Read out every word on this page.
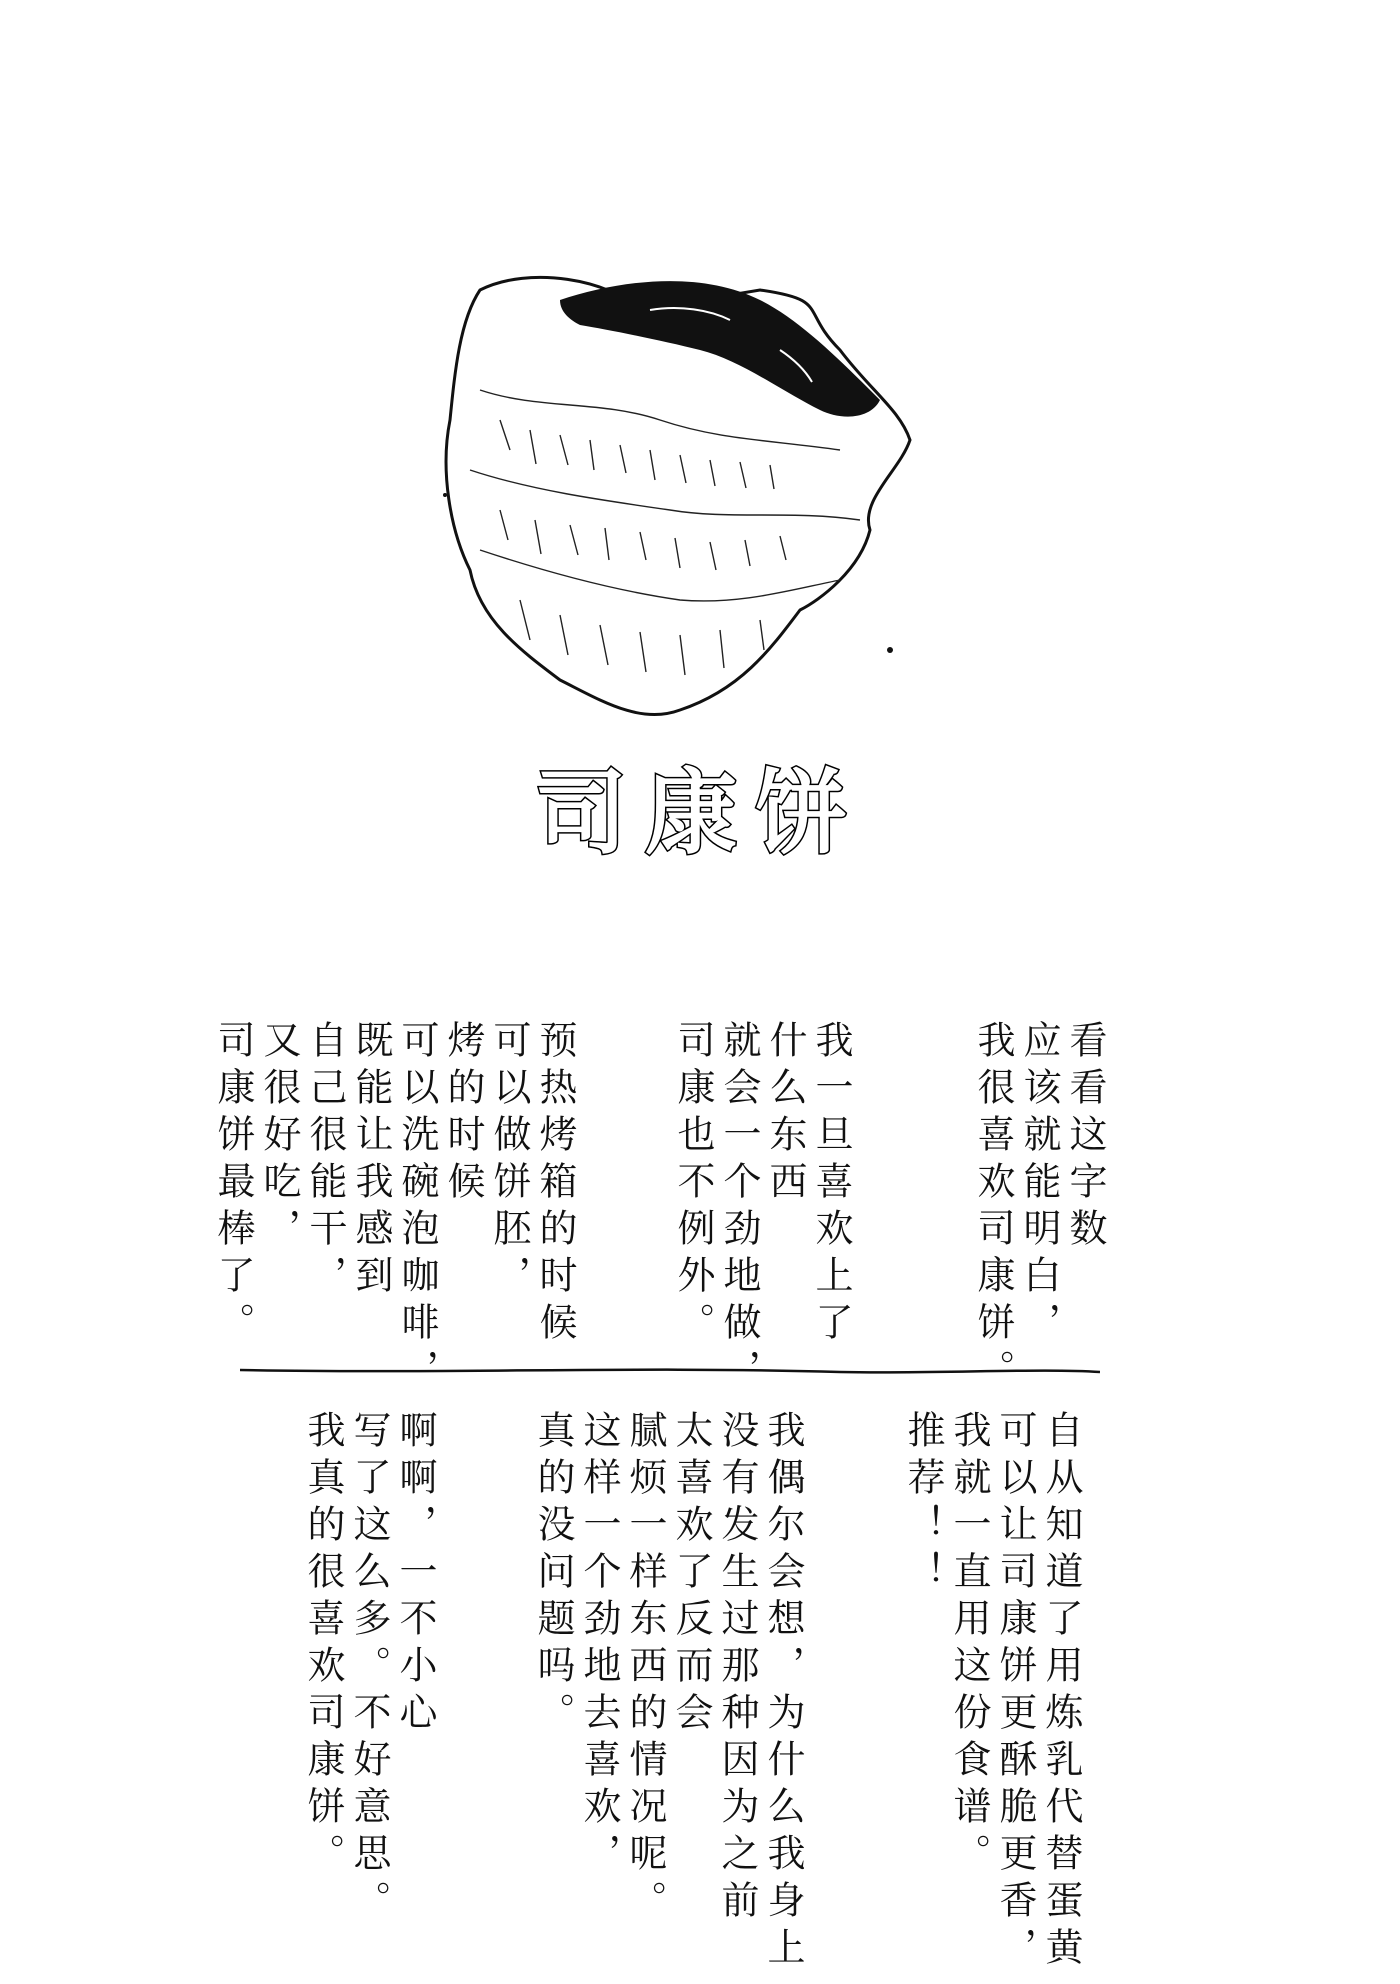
司康饼
看看这字数
应该就能明白，
我很喜欢司康饼。
我一旦喜欢上了
什么东西
就会一个劲地做，
司康也不例外。
预热烤箱的时候
可以做饼胚，
烤的时候
可以洗碗泡咖啡，
既能让我感到
自己很能干，
又很好吃，
司康饼最棒了。
自从知道了用炼乳代替蛋黄
可以让司康饼更酥脆更香，
我就一直用这份食谱。
推荐！！
我偶尔会想，为什么我身上
没有发生过那种因为之前
太喜欢了反而会
腻烦一样东西的情况呢。
这样一个劲地去喜欢，
真的没问题吗。
啊啊，一不小心
写了这么多。不好意思。
我真的很喜欢司康饼。
